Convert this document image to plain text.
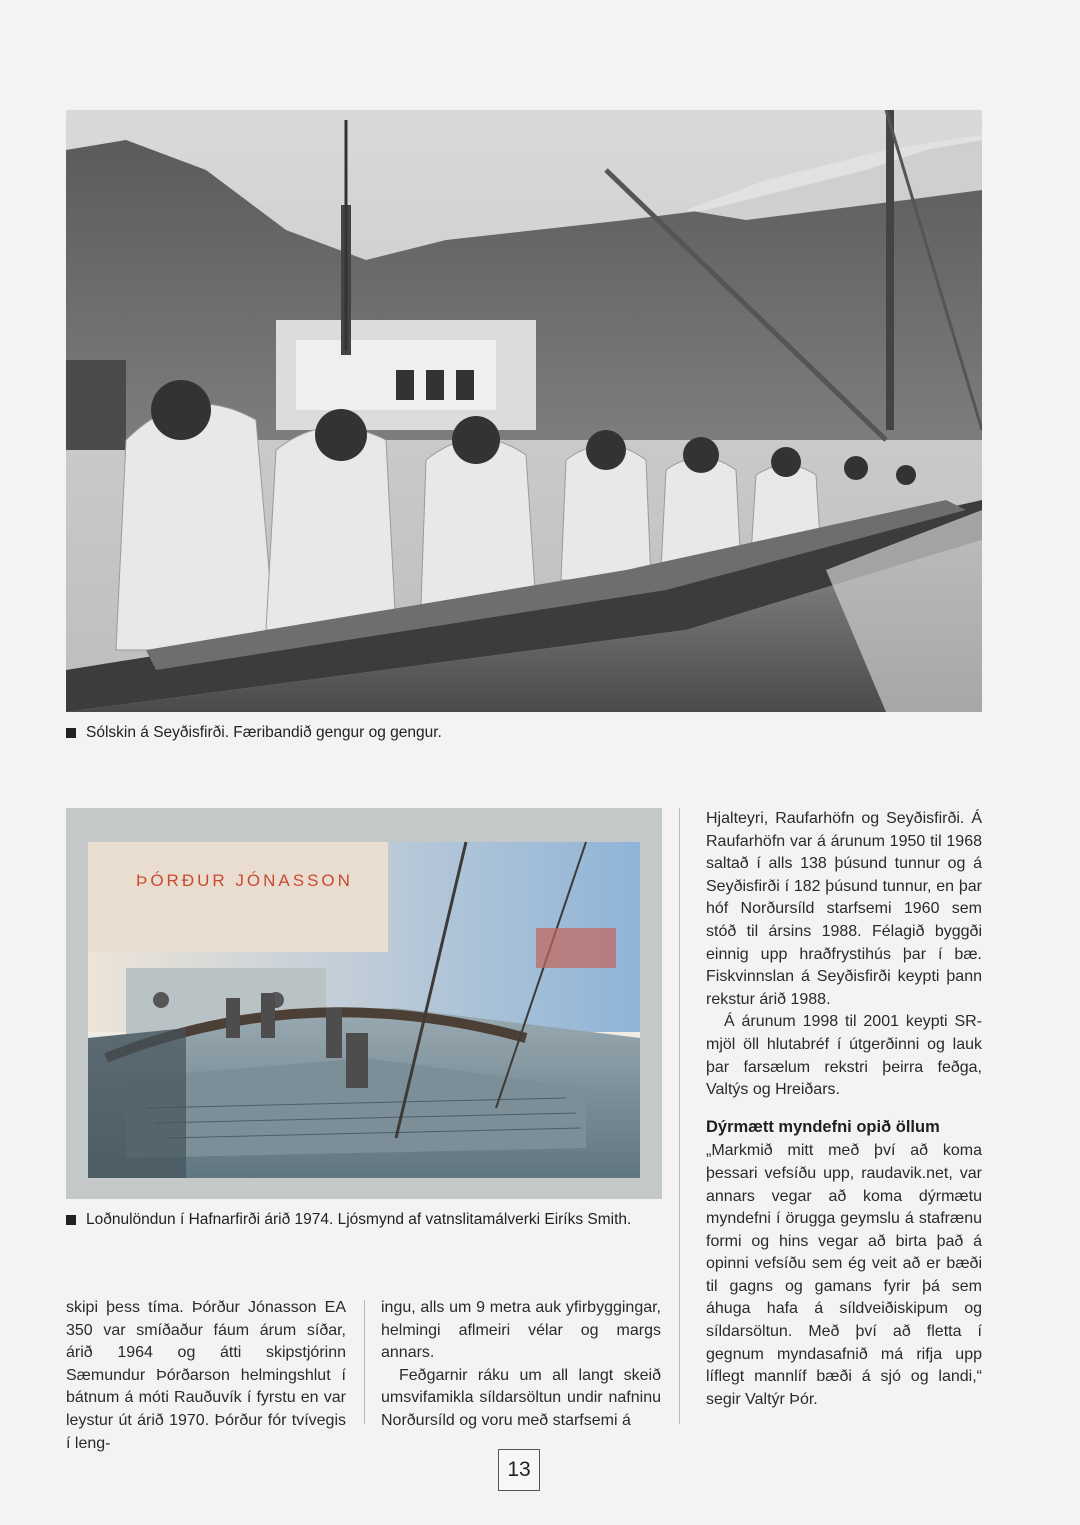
Sólskin á Seyðisfirði. Færibandið gengur og gengur.
ÞÓRÐUR JÓNASSON
Loðnulöndun í Hafnarfirði árið 1974. Ljósmynd af vatnslitamálverki Eiríks Smith.

skipi þess tíma. Þórður Jónasson EA 350 var smíðaður fáum árum síðar, árið 1964 og átti skipstjórinn Sæmundur Þórðarson helmingshlut í bátnum á móti Rauðuvík í fyrstu en var leystur út árið 1970. Þórður fór tvívegis í leng-

ingu, alls um 9 metra auk yfirbyggingar, helmingi aflmeiri vélar og margs annars.

Feðgarnir ráku um all langt skeið umsvifamikla síldarsöltun undir nafninu Norðursíld og voru með starfsemi á

Hjalteyri, Raufarhöfn og Seyðisfirði. Á Raufarhöfn var á árunum 1950 til 1968 saltað í alls 138 þúsund tunnur og á Seyðisfirði í 182 þúsund tunnur, en þar hóf Norðursíld starfsemi 1960 sem stóð til ársins 1988. Félagið byggði einnig upp hraðfrystihús þar í bæ. Fiskvinnslan á Seyðisfirði keypti þann rekstur árið 1988.

Á árunum 1998 til 2001 keypti SR-mjöl öll hlutabréf í útgerðinni og lauk þar farsælum rekstri þeirra feðga, Valtýs og Hreiðars.

Dýrmætt myndefni opið öllum

„Markmið mitt með því að koma þessari vefsíðu upp, raudavik.net, var annars vegar að koma dýrmætu myndefni í örugga geymslu á stafrænu formi og hins vegar að birta það á opinni vefsíðu sem ég veit að er bæði til gagns og gamans fyrir þá sem áhuga hafa á síldveiðiskipum og síldarsöltun. Með því að fletta í gegnum myndasafnið má rifja upp líflegt mannlíf bæði á sjó og landi,“ segir Valtýr Þór.

13
